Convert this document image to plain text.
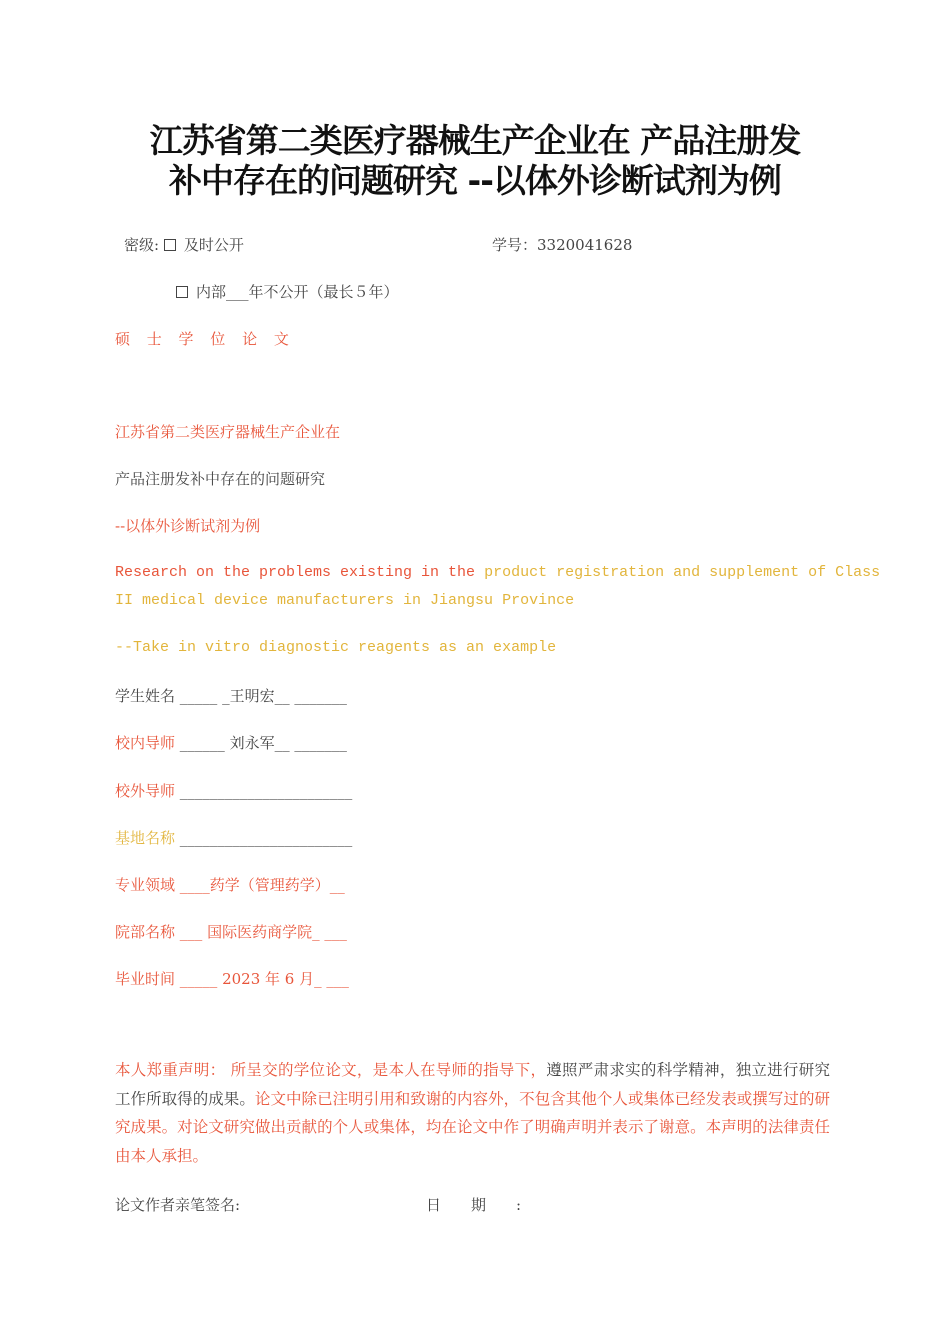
江苏省第二类医疗器械生产企业在 产品注册发
补中存在的问题研究 --以体外诊断试剂为例
密级: 及时公开	学号：3320041628
内部___年不公开（最长５年）
硕 士 学 位 论 文
江苏省第二类医疗器械生产企业在
产品注册发补中存在的问题研究
--以体外诊断试剂为例
Research on the problems existing in the product registration and supplement of Class
II medical device manufacturers in Jiangsu Province
--Take in vitro diagnostic reagents as an example
学生姓名 _____ _王明宏__ _______
校内导师 ______ 刘永军__ _______
校外导师 _______________________
基地名称 _______________________
专业领域 ____药学（管理药学）__
院部名称 ___ 国际医药商学院_ ___
毕业时间 _____ 2023 年 6 月_ ___
本人郑重声明： 所呈交的学位论文，是本人在导师的指导下，遵照严肃求实的科学精神，独立进行研究工作所取得的成果。论文中除已注明引用和致谢的内容外，不包含其他个人或集体已经发表或撰写过的研究成果。对论文研究做出贡献的个人或集体，均在论文中作了明确声明并表示了谢意。本声明的法律责任由本人承担。
论文作者亲笔签名:	日　　期　　:
